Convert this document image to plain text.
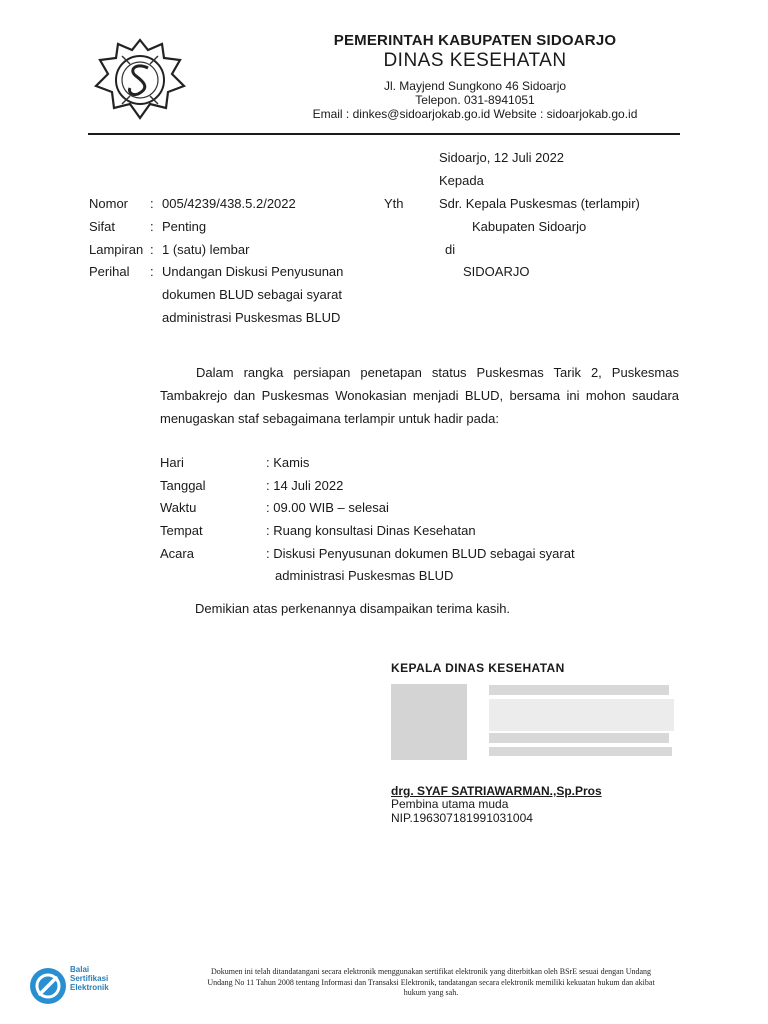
PEMERINTAH KABUPATEN SIDOARJO
DINAS KESEHATAN
Jl. Mayjend Sungkono 46 Sidoarjo
Telepon. 031-8941051
Email : dinkes@sidoarjokab.go.id Website : sidoarjokab.go.id
Sidoarjo, 12 Juli 2022
Kepada
Yth	Sdr. Kepala Puskesmas (terlampir)
Kabupaten Sidoarjo
di
SIDOARJO
Nomor : 005/4239/438.5.2/2022
Sifat	: Penting
Lampiran : 1 (satu) lembar
Perihal : Undangan Diskusi Penyusunan
dokumen BLUD sebagai syarat
administrasi Puskesmas BLUD
Dalam rangka persiapan penetapan status Puskesmas Tarik 2, Puskesmas Tambakrejo dan Puskesmas Wonokasian menjadi BLUD, bersama ini mohon saudara menugaskan staf sebagaimana terlampir untuk hadir pada:
Hari	: Kamis
Tanggal	: 14 Juli 2022
Waktu	: 09.00 WIB – selesai
Tempat	: Ruang konsultasi Dinas Kesehatan
Acara	: Diskusi Penyusunan dokumen BLUD sebagai syarat
administrasi Puskesmas BLUD
Demikian atas perkenannya disampaikan terima kasih.
KEPALA DINAS KESEHATAN
drg. SYAF SATRIAWARMAN.,Sp.Pros
Pembina utama muda
NIP.196307181991031004
Balai
Sertifikasi
Elektronik
Dokumen ini telah ditandatangani secara elektronik menggunakan sertifikat elektronik yang diterbitkan oleh BSrE sesuai dengan Undang
Undang No 11 Tahun 2008 tentang Informasi dan Transaksi Elektronik, tandatangan secara elektronik memiliki kekuatan hukum dan akibat
hukum yang sah.
